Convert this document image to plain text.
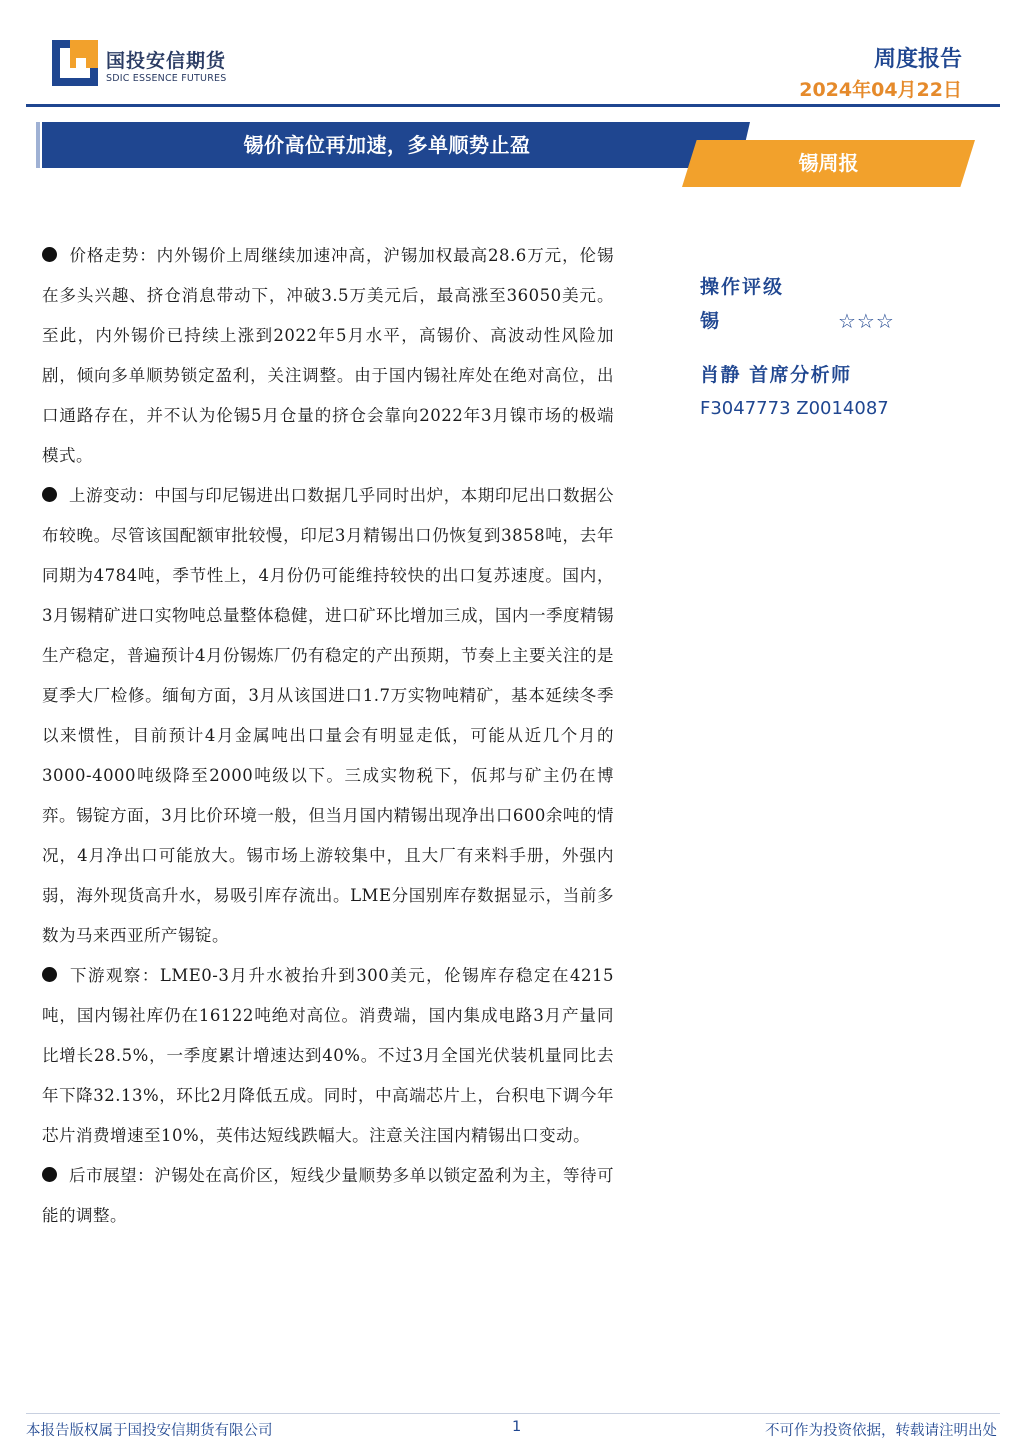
国投安信期货
SDIC ESSENCE FUTURES
周度报告
2024年04月22日
锡价高位再加速，多单顺势止盈
锡周报

价格走势：内外锡价上周继续加速冲高，沪锡加权最高28.6万元，伦锡在多头兴趣、挤仓消息带动下，冲破3.5万美元后，最高涨至36050美元。至此，内外锡价已持续上涨到2022年5月水平，高锡价、高波动性风险加剧，倾向多单顺势锁定盈利，关注调整。由于国内锡社库处在绝对高位，出口通路存在，并不认为伦锡5月仓量的挤仓会靠向2022年3月镍市场的极端模式。

上游变动：中国与印尼锡进出口数据几乎同时出炉，本期印尼出口数据公布较晚。尽管该国配额审批较慢，印尼3月精锡出口仍恢复到3858吨，去年同期为4784吨，季节性上，4月份仍可能维持较快的出口复苏速度。国内，3月锡精矿进口实物吨总量整体稳健，进口矿环比增加三成，国内一季度精锡生产稳定，普遍预计4月份锡炼厂仍有稳定的产出预期，节奏上主要关注的是夏季大厂检修。缅甸方面，3月从该国进口1.7万实物吨精矿，基本延续冬季以来惯性，目前预计4月金属吨出口量会有明显走低，可能从近几个月的3000-4000吨级降至2000吨级以下。三成实物税下，佤邦与矿主仍在博弈。锡锭方面，3月比价环境一般，但当月国内精锡出现净出口600余吨的情况，4月净出口可能放大。锡市场上游较集中，且大厂有来料手册，外强内弱，海外现货高升水，易吸引库存流出。LME分国别库存数据显示，当前多数为马来西亚所产锡锭。

下游观察：LME0-3月升水被抬升到300美元，伦锡库存稳定在4215吨，国内锡社库仍在16122吨绝对高位。消费端，国内集成电路3月产量同比增长28.5%，一季度累计增速达到40%。不过3月全国光伏装机量同比去年下降32.13%，环比2月降低五成。同时，中高端芯片上，台积电下调今年芯片消费增速至10%，英伟达短线跌幅大。注意关注国内精锡出口变动。

后市展望：沪锡处在高价区，短线少量顺势多单以锁定盈利为主，等待可能的调整。

操作评级
锡	☆☆☆
肖静 首席分析师
F3047773 Z0014087
本报告版权属于国投安信期货有限公司	1	不可作为投资依据，转载请注明出处
